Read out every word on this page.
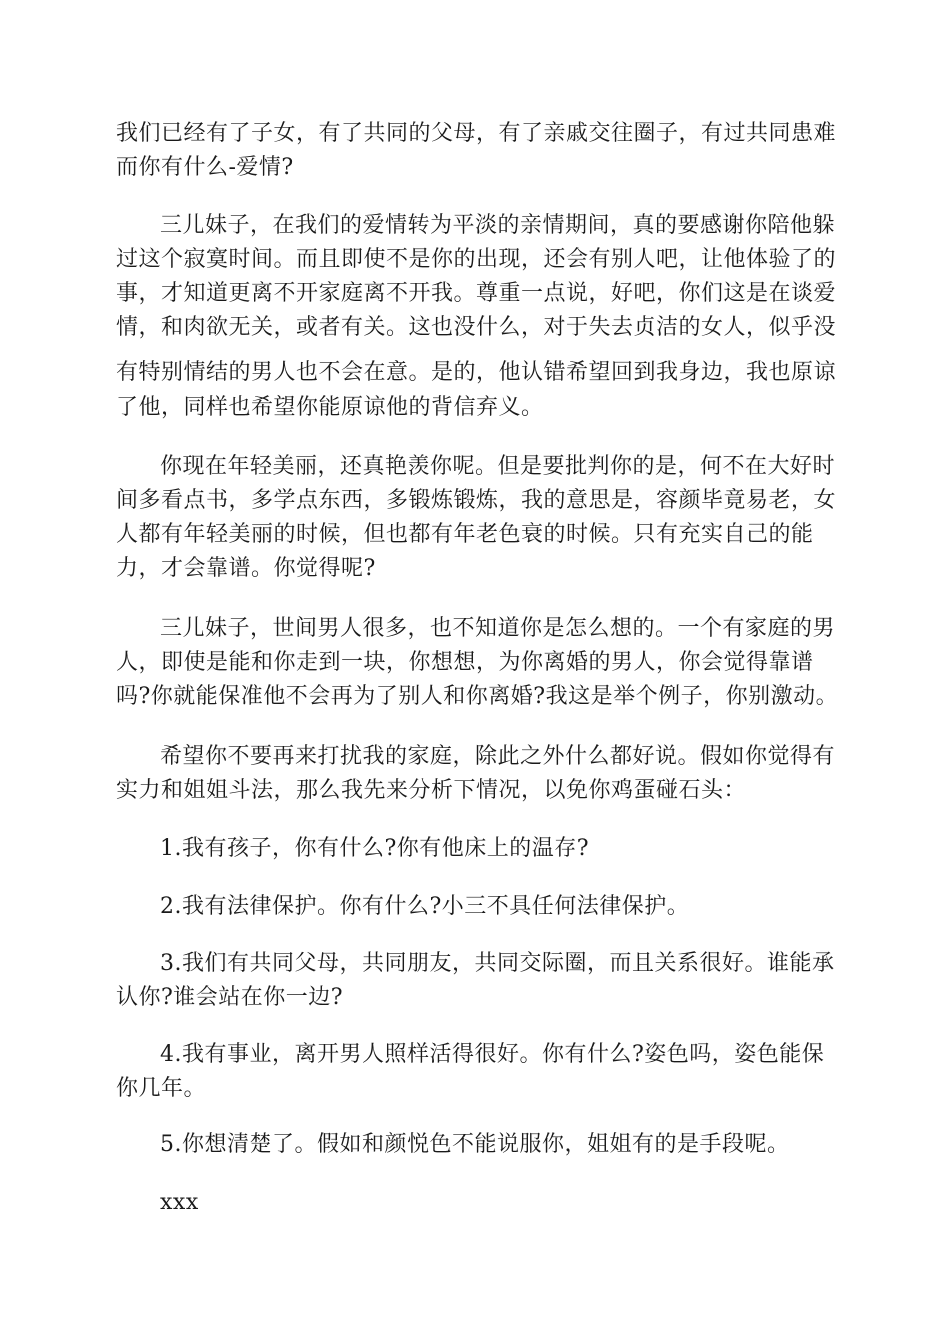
我们已经有了子女，有了共同的父母，有了亲戚交往圈子，有过共同患难
而你有什么-爱情?
三儿妹子，在我们的爱情转为平淡的亲情期间，真的要感谢你陪他躲
过这个寂寞时间。而且即使不是你的出现，还会有别人吧，让他体验了的
事，才知道更离不开家庭离不开我。尊重一点说，好吧，你们这是在谈爱
情，和肉欲无关，或者有关。这也没什么，对于失去贞洁的女人，似乎没
有特别情结的男人也不会在意。是的，他认错希望回到我身边，我也原谅
了他，同样也希望你能原谅他的背信弃义。
你现在年轻美丽，还真艳羡你呢。但是要批判你的是，何不在大好时
间多看点书，多学点东西，多锻炼锻炼，我的意思是，容颜毕竟易老，女
人都有年轻美丽的时候，但也都有年老色衰的时候。只有充实自己的能
力，才会靠谱。你觉得呢?
三儿妹子，世间男人很多，也不知道你是怎么想的。一个有家庭的男
人，即使是能和你走到一块，你想想，为你离婚的男人，你会觉得靠谱
吗?你就能保准他不会再为了别人和你离婚?我这是举个例子，你别激动。
希望你不要再来打扰我的家庭，除此之外什么都好说。假如你觉得有
实力和姐姐斗法，那么我先来分析下情况，以免你鸡蛋碰石头：
1.我有孩子，你有什么?你有他床上的温存?
2.我有法律保护。你有什么?小三不具任何法律保护。
3.我们有共同父母，共同朋友，共同交际圈，而且关系很好。谁能承
认你?谁会站在你一边?
4.我有事业，离开男人照样活得很好。你有什么?姿色吗，姿色能保
你几年。
5.你想清楚了。假如和颜悦色不能说服你，姐姐有的是手段呢。
xxx
